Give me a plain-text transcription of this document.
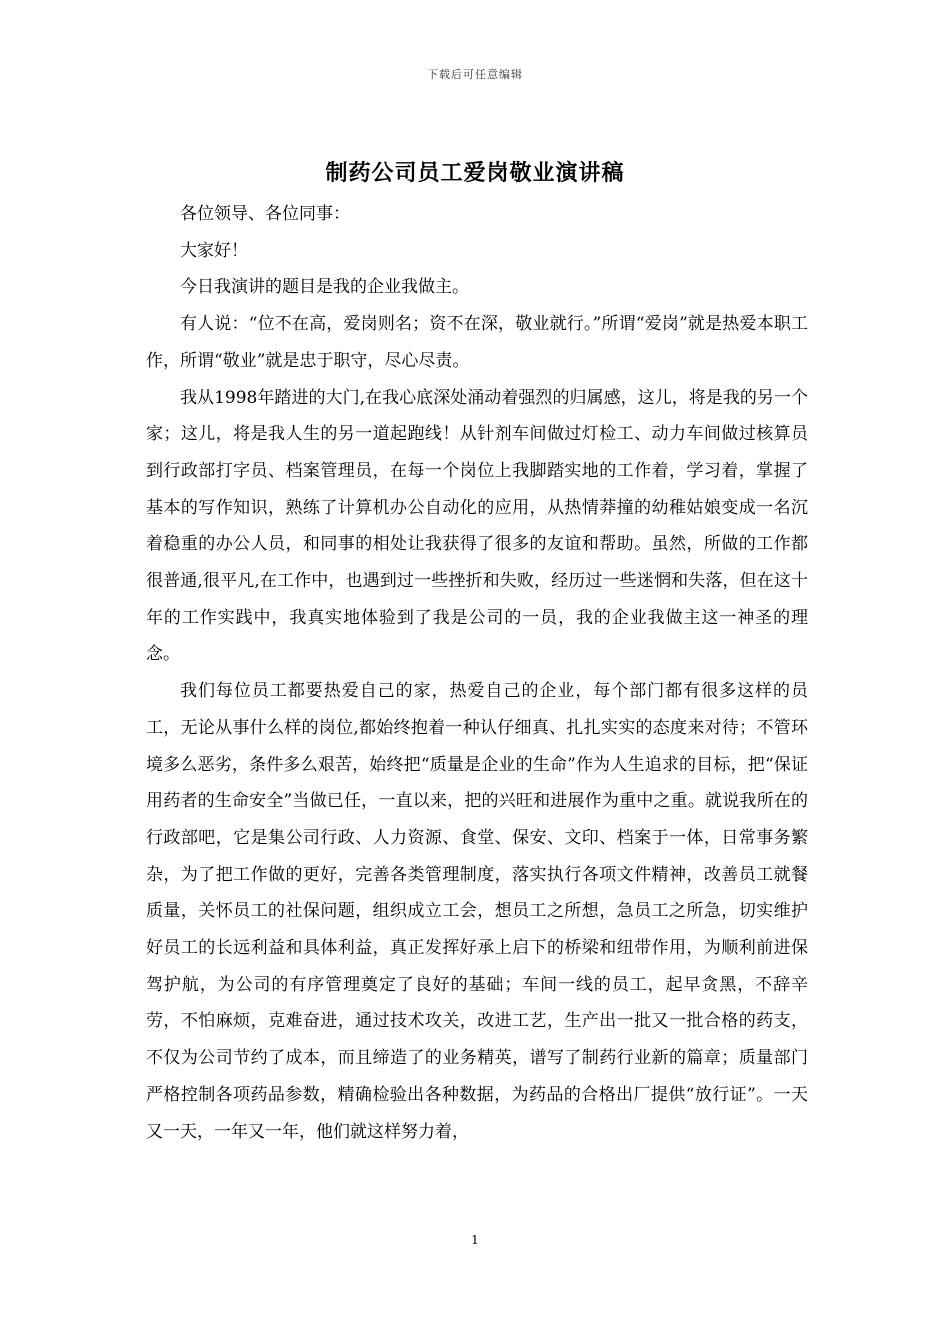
下载后可任意编辑
制药公司员工爱岗敬业演讲稿

各位领导、各位同事：

大家好！

今日我演讲的题目是我的企业我做主。

有人说：“位不在高，爱岗则名；资不在深，敬业就行。”所谓“爱岗”就是热爱本职工作，所谓“敬业”就是忠于职守，尽心尽责。

我从1998年踏进的大门,在我心底深处涌动着强烈的归属感，这儿，将是我的另一个家；这儿，将是我人生的另一道起跑线！从针剂车间做过灯检工、动力车间做过核算员到行政部打字员、档案管理员，在每一个岗位上我脚踏实地的工作着，学习着，掌握了基本的写作知识，熟练了计算机办公自动化的应用，从热情莽撞的幼稚姑娘变成一名沉着稳重的办公人员，和同事的相处让我获得了很多的友谊和帮助。虽然，所做的工作都很普通,很平凡,在工作中，也遇到过一些挫折和失败，经历过一些迷惘和失落，但在这十年的工作实践中，我真实地体验到了我是公司的一员，我的企业我做主这一神圣的理念。

我们每位员工都要热爱自己的家，热爱自己的企业，每个部门都有很多这样的员工，无论从事什么样的岗位,都始终抱着一种认仔细真、扎扎实实的态度来对待；不管环境多么恶劣，条件多么艰苦，始终把“质量是企业的生命”作为人生追求的目标，把“保证用药者的生命安全”当做已任，一直以来，把的兴旺和进展作为重中之重。就说我所在的行政部吧，它是集公司行政、人力资源、食堂、保安、文印、档案于一体，日常事务繁杂，为了把工作做的更好，完善各类管理制度，落实执行各项文件精神，改善员工就餐质量，关怀员工的社保问题，组织成立工会，想员工之所想，急员工之所急，切实维护好员工的长远利益和具体利益，真正发挥好承上启下的桥梁和纽带作用，为顺利前进保驾护航，为公司的有序管理奠定了良好的基础；车间一线的员工，起早贪黑，不辞辛劳，不怕麻烦，克难奋进，通过技术攻关，改进工艺，生产出一批又一批合格的药支，不仅为公司节约了成本，而且缔造了的业务精英，谱写了制药行业新的篇章；质量部门严格控制各项药品参数，精确检验出各种数据，为药品的合格出厂提供“放行证”。一天又一天，一年又一年，他们就这样努力着，

1
